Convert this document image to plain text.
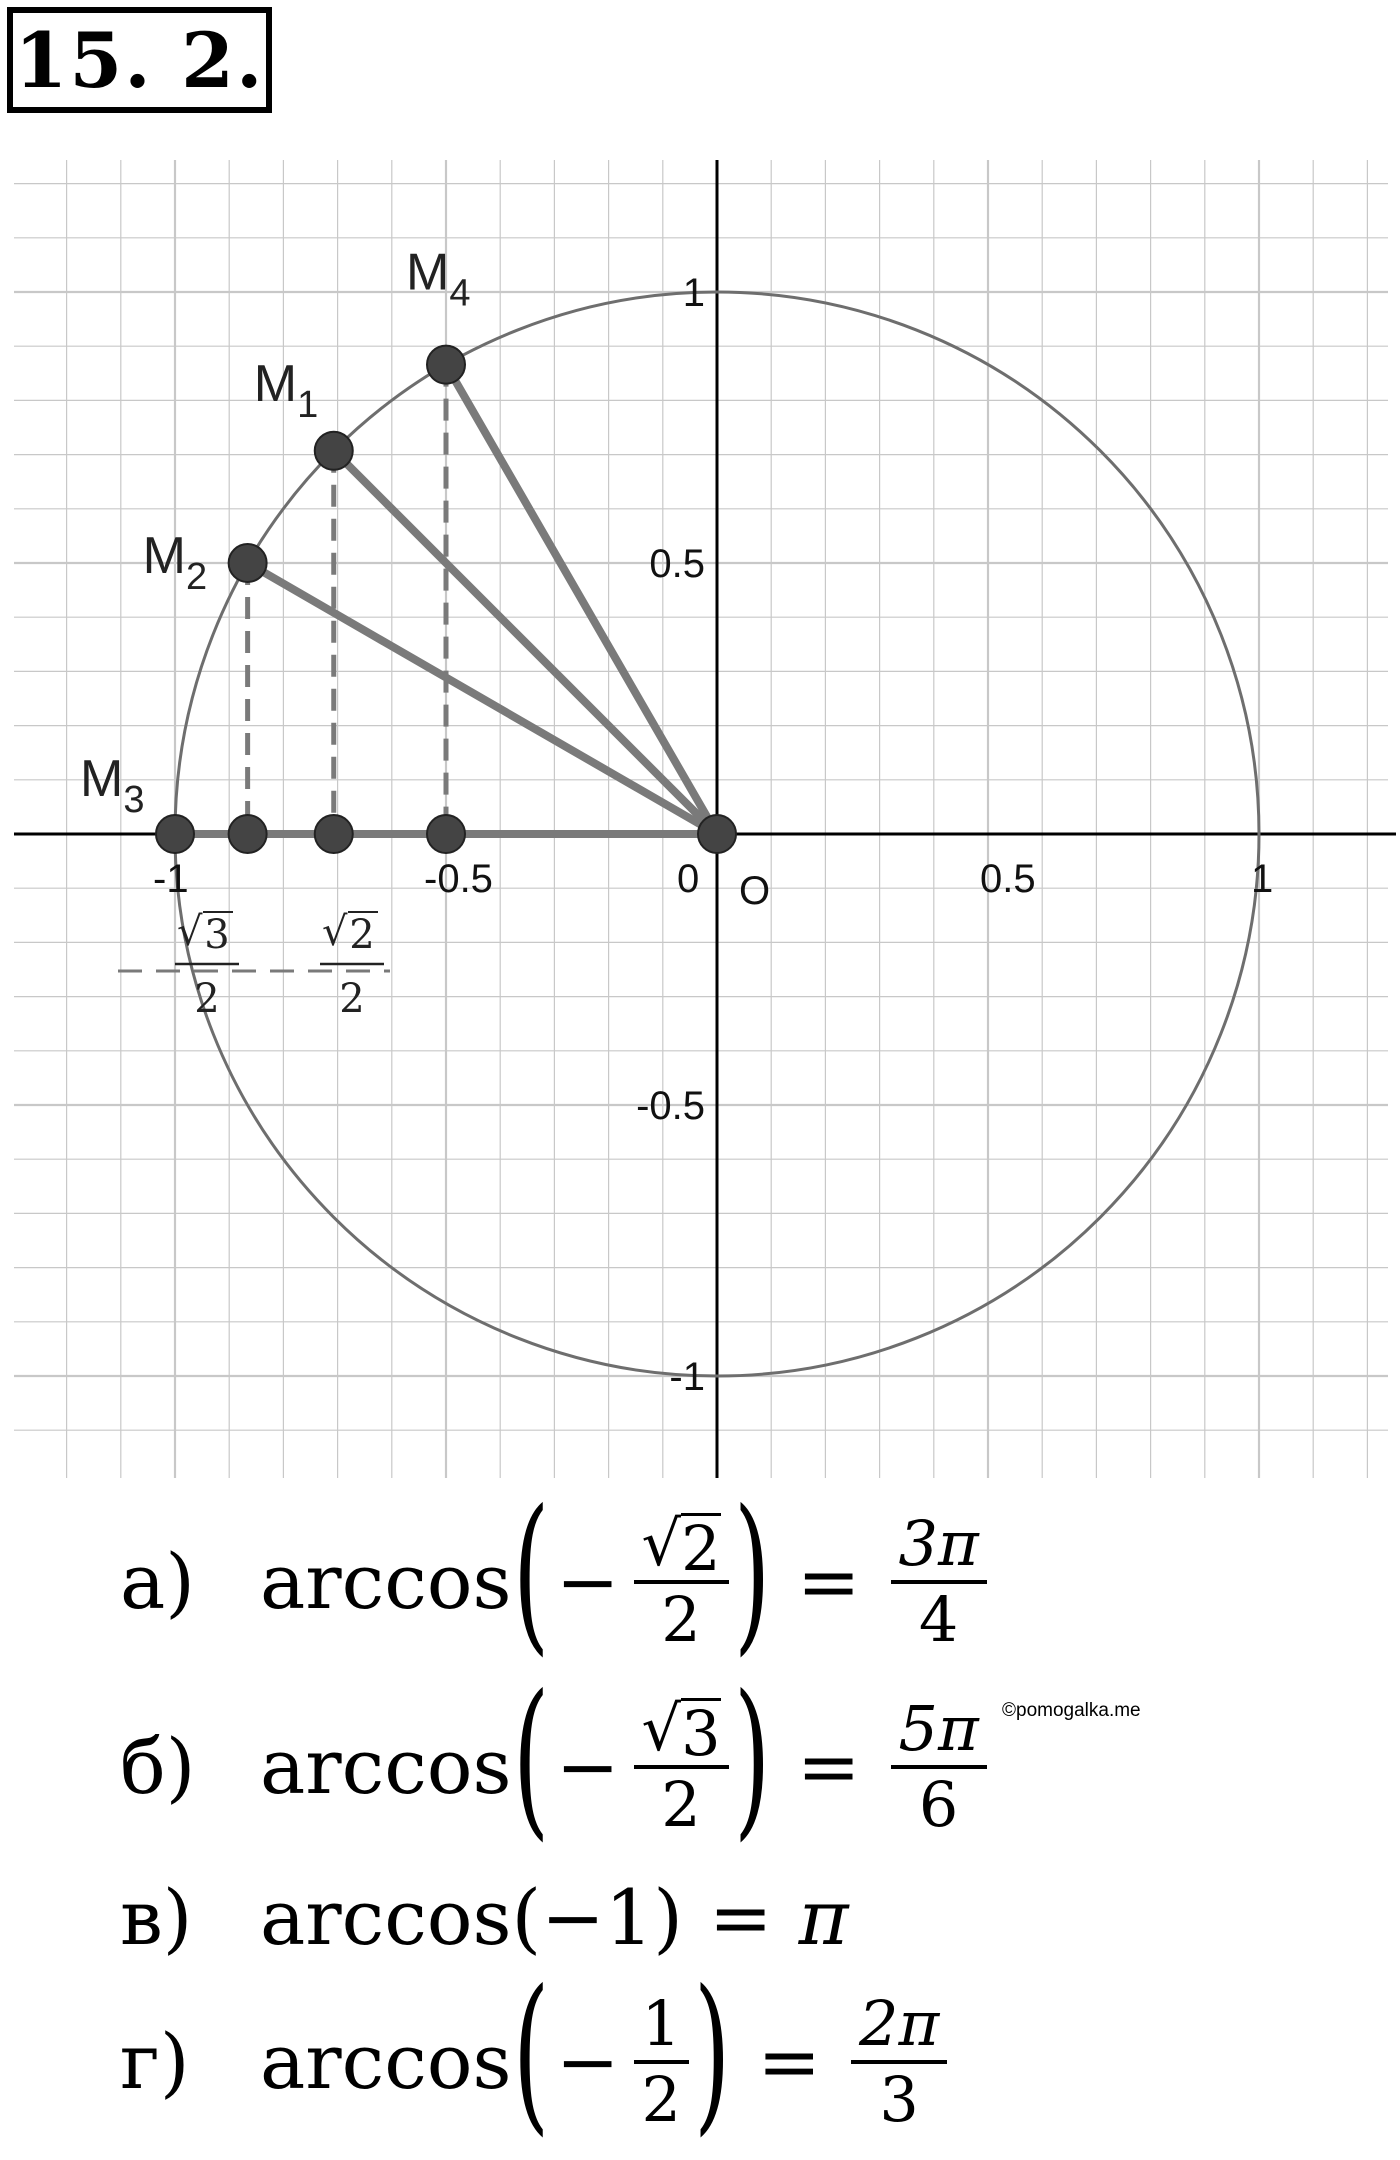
15. 2.
-1	-0.5	0	0.5	1
1
0.5
-0.5
-1
O
$M_1$
$M_2$
$M_3$
$M_4$
√ 3
2
√ 2
2
а) arccos ( − $\frac{√ 2}{2}$ ) = $\frac{3\pi}{4}$
б) arccos ( − $\frac{√ 3}{2}$ ) = $\frac{5\pi}{6}$
в) arccos (−1) = π
г) arccos ( − $\frac{1}{2}$ ) = $\frac{2\pi}{3}$
©pomogalka.me
